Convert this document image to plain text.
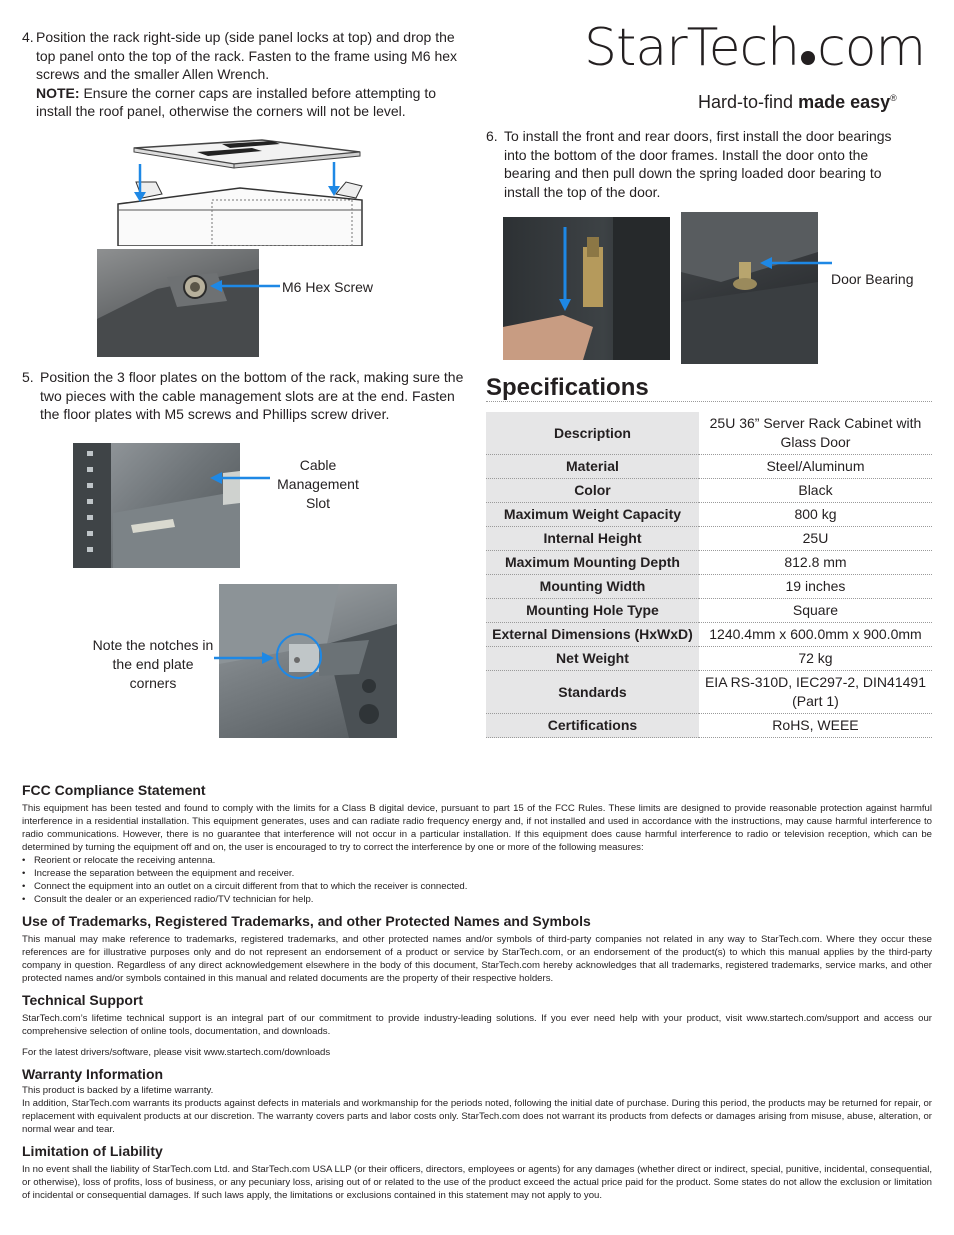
4. Position the rack right-side up (side panel locks at top) and drop the top panel onto the top of the rack. Fasten to the frame using M6 hex screws and the smaller Allen Wrench.
NOTE: Ensure the corner caps are installed before attempting to install the roof panel, otherwise the corners will not be level.
M6 Hex Screw
5. Position the 3 floor plates on the bottom of the rack, making sure the two pieces with the cable management slots are at the end. Fasten the floor plates with M5 screws and Phillips screw driver.
Cable Management Slot
Note the notches in the end plate corners
StarTech com
Hard-to-find made easy®
6. To install the front and rear doors, first install the door bearings into the bottom of the door frames. Install the door onto the bearing and then pull down the spring loaded door bearing to install the top of the door.
Door Bearing
Specifications
Description	25U 36” Server Rack Cabinet with Glass Door
Material	Steel/Aluminum
Color	Black
Maximum Weight Capacity	800 kg
Internal Height	25U
Maximum Mounting Depth	812.8 mm
Mounting Width	19 inches
Mounting Hole Type	Square
External Dimensions (HxWxD)	1240.4mm x 600.0mm x 900.0mm
Net Weight	72 kg
Standards	EIA RS-310D, IEC297-2, DIN41491 (Part 1)
Certifications	RoHS, WEEE
FCC Compliance Statement
This equipment has been tested and found to comply with the limits for a Class B digital device, pursuant to part 15 of the FCC Rules. These limits are designed to provide reasonable protection against harmful interference in a residential installation. This equipment generates, uses and can radiate radio frequency energy and, if not installed and used in accordance with the instructions, may cause harmful interference to radio communications. However, there is no guarantee that interference will not occur in a particular installation. If this equipment does cause harmful interference to radio or television reception, which can be determined by turning the equipment off and on, the user is encouraged to try to correct the interference by one or more of the following measures:
• Reorient or relocate the receiving antenna.
• Increase the separation between the equipment and receiver.
• Connect the equipment into an outlet on a circuit different from that to which the receiver is connected.
• Consult the dealer or an experienced radio/TV technician for help.
Use of Trademarks, Registered Trademarks, and other Protected Names and Symbols
This manual may make reference to trademarks, registered trademarks, and other protected names and/or symbols of third-party companies not related in any way to StarTech.com. Where they occur these references are for illustrative purposes only and do not represent an endorsement of a product or service by StarTech.com, or an endorsement of the product(s) to which this manual applies by the third-party company in question. Regardless of any direct acknowledgement elsewhere in the body of this document, StarTech.com hereby acknowledges that all trademarks, registered trademarks, service marks, and other protected names and/or symbols contained in this manual and related documents are the property of their respective holders.
Technical Support
StarTech.com’s lifetime technical support is an integral part of our commitment to provide industry-leading solutions. If you ever need help with your product, visit www.startech.com/support and access our comprehensive selection of online tools, documentation, and downloads.
For the latest drivers/software, please visit www.startech.com/downloads
Warranty Information
This product is backed by a lifetime warranty.
In addition, StarTech.com warrants its products against defects in materials and workmanship for the periods noted, following the initial date of purchase. During this period, the products may be returned for repair, or replacement with equivalent products at our discretion. The warranty covers parts and labor costs only. StarTech.com does not warrant its products from defects or damages arising from misuse, abuse, alteration, or normal wear and tear.
Limitation of Liability
In no event shall the liability of StarTech.com Ltd. and StarTech.com USA LLP (or their officers, directors, employees or agents) for any damages (whether direct or indirect, special, punitive, incidental, consequential, or otherwise), loss of profits, loss of business, or any pecuniary loss, arising out of or related to the use of the product exceed the actual price paid for the product. Some states do not allow the exclusion or limitation of incidental or consequential damages. If such laws apply, the limitations or exclusions contained in this statement may not apply to you.
